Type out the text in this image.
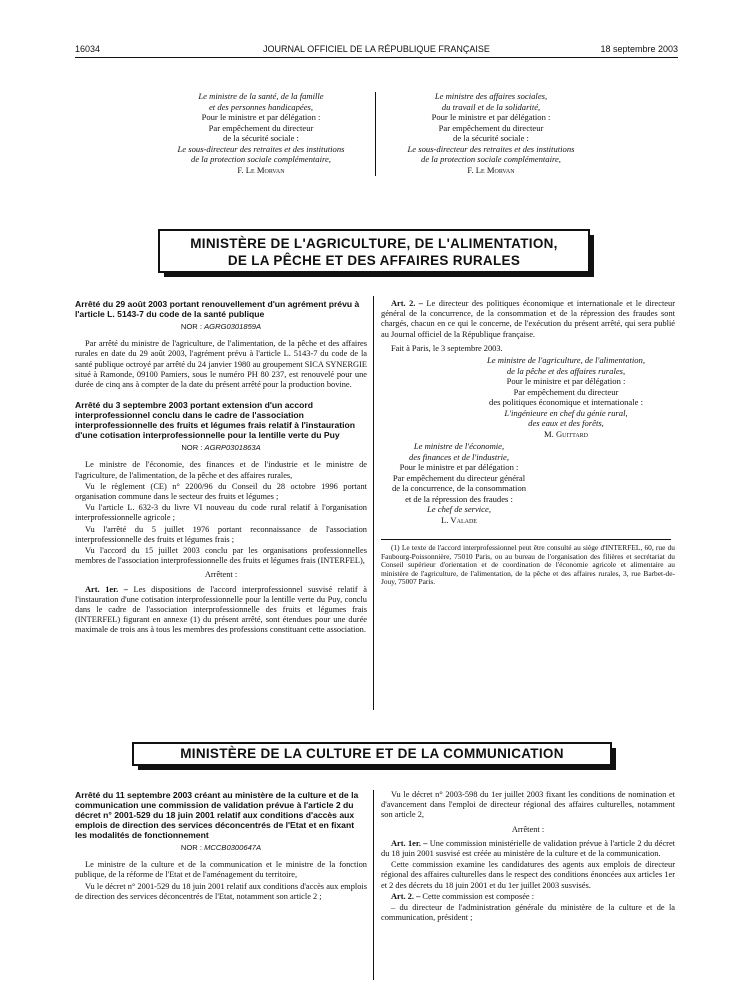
16034	JOURNAL OFFICIEL DE LA RÉPUBLIQUE FRANÇAISE	18 septembre 2003
Le ministre de la santé, de la famille
et des personnes handicapées,
Pour le ministre et par délégation :
Par empêchement du directeur
de la sécurité sociale :
Le sous-directeur des retraites et des institutions
de la protection sociale complémentaire,
F. Le Morvan
Le ministre des affaires sociales,
du travail et de la solidarité,
Pour le ministre et par délégation :
Par empêchement du directeur
de la sécurité sociale :
Le sous-directeur des retraites et des institutions
de la protection sociale complémentaire,
F. Le Morvan
MINISTÈRE DE L'AGRICULTURE, DE L'ALIMENTATION,
DE LA PÊCHE ET DES AFFAIRES RURALES
Arrêté du 29 août 2003 portant renouvellement d'un agrément prévu à l'article L. 5143-7 du code de la santé publique
NOR : AGRG0301859A

Par arrêté du ministre de l'agriculture, de l'alimentation, de la pêche et des affaires rurales en date du 29 août 2003, l'agrément prévu à l'article L. 5143-7 du code de la santé publique octroyé par arrêté du 24 janvier 1980 au groupement SICA SYNERGIE situé à Ramonde, 09100 Pamiers, sous le numéro PH 80 237, est renouvelé pour une durée de cinq ans à compter de la date du présent arrêté pour la production bovine.

Arrêté du 3 septembre 2003 portant extension d'un accord interprofessionnel conclu dans le cadre de l'association interprofessionnelle des fruits et légumes frais relatif à l'instauration d'une cotisation interprofessionnelle pour la lentille verte du Puy
NOR : AGRP0301863A

Le ministre de l'économie, des finances et de l'industrie et le ministre de l'agriculture, de l'alimentation, de la pêche et des affaires rurales,

Vu le règlement (CE) n° 2200/96 du Conseil du 28 octobre 1996 portant organisation commune dans le secteur des fruits et légumes ;

Vu l'article L. 632-3 du livre VI nouveau du code rural relatif à l'organisation interprofessionnelle agricole ;

Vu l'arrêté du 5 juillet 1976 portant reconnaissance de l'association interprofessionnelle des fruits et légumes frais ;

Vu l'accord du 15 juillet 2003 conclu par les organisations professionnelles membres de l'association interprofessionnelle des fruits et légumes frais (INTERFEL),

Arrêtent :

Art. 1er. – Les dispositions de l'accord interprofessionnel susvisé relatif à l'instauration d'une cotisation interprofessionnelle pour la lentille verte du Puy, conclu dans le cadre de l'association interprofessionnelle des fruits et légumes frais (INTERFEL) figurant en annexe (1) du présent arrêté, sont étendues pour une durée maximale de trois ans à tous les membres des professions constituant cette association.

Art. 2. – Le directeur des politiques économique et internationale et le directeur général de la concurrence, de la consommation et de la répression des fraudes sont chargés, chacun en ce qui le concerne, de l'exécution du présent arrêté, qui sera publié au Journal officiel de la République française.

Fait à Paris, le 3 septembre 2003.

Le ministre de l'agriculture, de l'alimentation,
de la pêche et des affaires rurales,
Pour le ministre et par délégation :
Par empêchement du directeur
des politiques économique et internationale :
L'ingénieure en chef du génie rural,
des eaux et des forêts,
M. Guittard
Le ministre de l'économie,
des finances et de l'industrie,
Pour le ministre et par délégation :
Par empêchement du directeur général
de la concurrence, de la consommation
et de la répression des fraudes :
Le chef de service,
L. Valade

(1) Le texte de l'accord interprofessionnel peut être consulté au siège d'INTERFEL, 60, rue du Faubourg-Poissonnière, 75010 Paris, ou au bureau de l'organisation des filières et secrétariat du Conseil supérieur d'orientation et de coordination de l'économie agricole et alimentaire au ministère de l'agriculture, de l'alimentation, de la pêche et des affaires rurales, 3, rue Barbet-de-Jouy, 75007 Paris.

MINISTÈRE DE LA CULTURE ET DE LA COMMUNICATION
Arrêté du 11 septembre 2003 créant au ministère de la culture et de la communication une commission de validation prévue à l'article 2 du décret n° 2001-529 du 18 juin 2001 relatif aux conditions d'accès aux emplois de direction des services déconcentrés de l'Etat et en fixant les modalités de fonctionnement
NOR : MCCB0300647A

Le ministre de la culture et de la communication et le ministre de la fonction publique, de la réforme de l'Etat et de l'aménagement du territoire,

Vu le décret n° 2001-529 du 18 juin 2001 relatif aux conditions d'accès aux emplois de direction des services déconcentrés de l'Etat, notamment son article 2 ;

Vu le décret n° 2003-598 du 1er juillet 2003 fixant les conditions de nomination et d'avancement dans l'emploi de directeur régional des affaires culturelles, notamment son article 2,

Arrêtent :

Art. 1er. – Une commission ministérielle de validation prévue à l'article 2 du décret du 18 juin 2001 susvisé est créée au ministère de la culture et de la communication.

Cette commission examine les candidatures des agents aux emplois de directeur régional des affaires culturelles dans le respect des conditions énoncées aux articles 1er et 2 des décrets du 18 juin 2001 et du 1er juillet 2003 susvisés.

Art. 2. – Cette commission est composée :

– du directeur de l'administration générale du ministère de la culture et de la communication, président ;
